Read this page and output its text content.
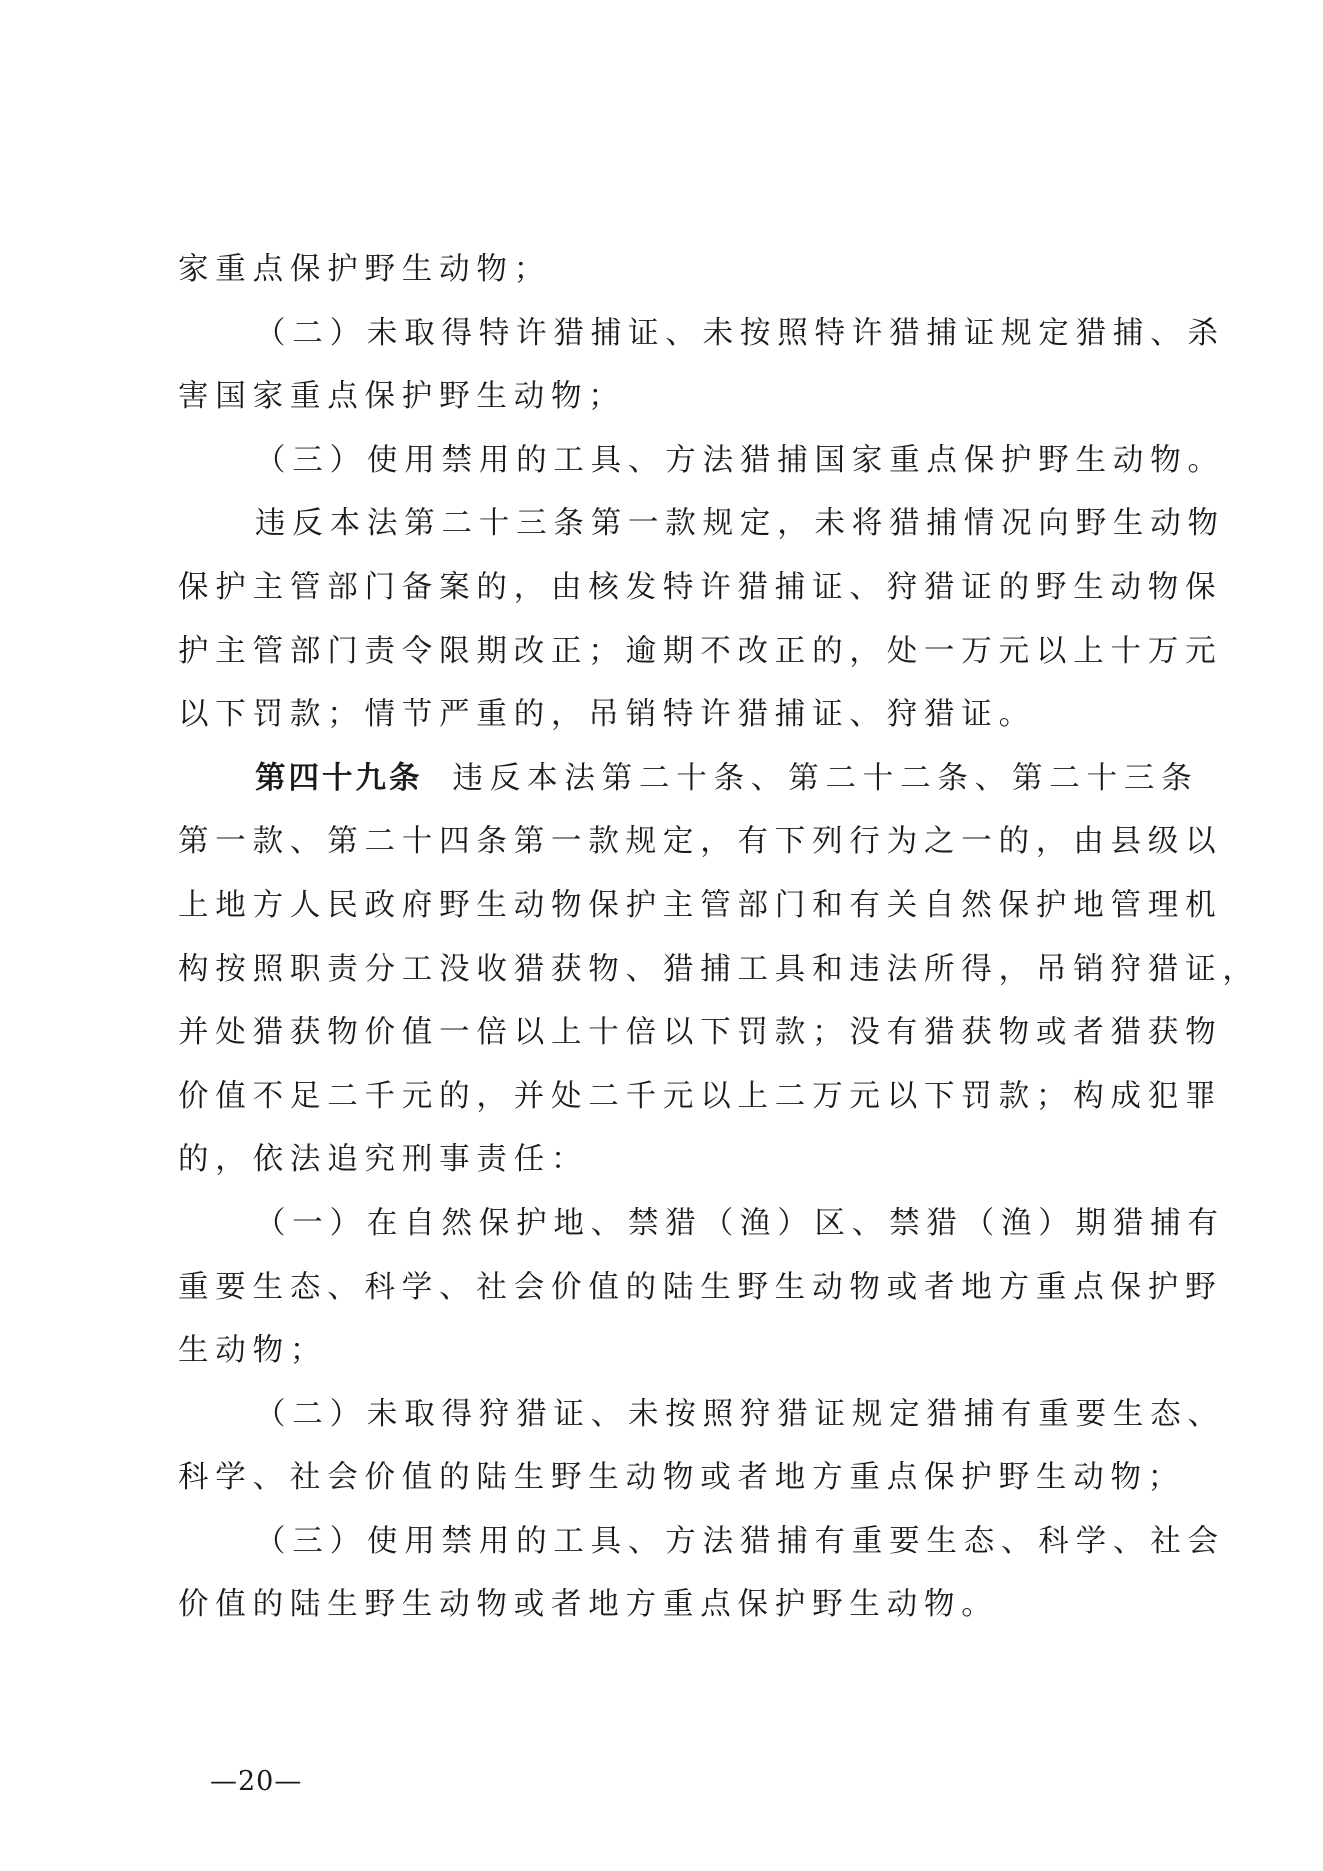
家重点保护野生动物；
（二）未取得特许猎捕证、未按照特许猎捕证规定猎捕、杀
害国家重点保护野生动物；
（三）使用禁用的工具、方法猎捕国家重点保护野生动物。
违反本法第二十三条第一款规定，未将猎捕情况向野生动物
保护主管部门备案的，由核发特许猎捕证、狩猎证的野生动物保
护主管部门责令限期改正；逾期不改正的，处一万元以上十万元
以下罚款；情节严重的，吊销特许猎捕证、狩猎证。
第四十九条 违反本法第二十条、第二十二条、第二十三条
第一款、第二十四条第一款规定，有下列行为之一的，由县级以
上地方人民政府野生动物保护主管部门和有关自然保护地管理机
构按照职责分工没收猎获物、猎捕工具和违法所得，吊销狩猎证，
并处猎获物价值一倍以上十倍以下罚款；没有猎获物或者猎获物
价值不足二千元的，并处二千元以上二万元以下罚款；构成犯罪
的，依法追究刑事责任：
（一）在自然保护地、禁猎（渔）区、禁猎（渔）期猎捕有
重要生态、科学、社会价值的陆生野生动物或者地方重点保护野
生动物；
（二）未取得狩猎证、未按照狩猎证规定猎捕有重要生态、
科学、社会价值的陆生野生动物或者地方重点保护野生动物；
（三）使用禁用的工具、方法猎捕有重要生态、科学、社会
价值的陆生野生动物或者地方重点保护野生动物。
—20—
